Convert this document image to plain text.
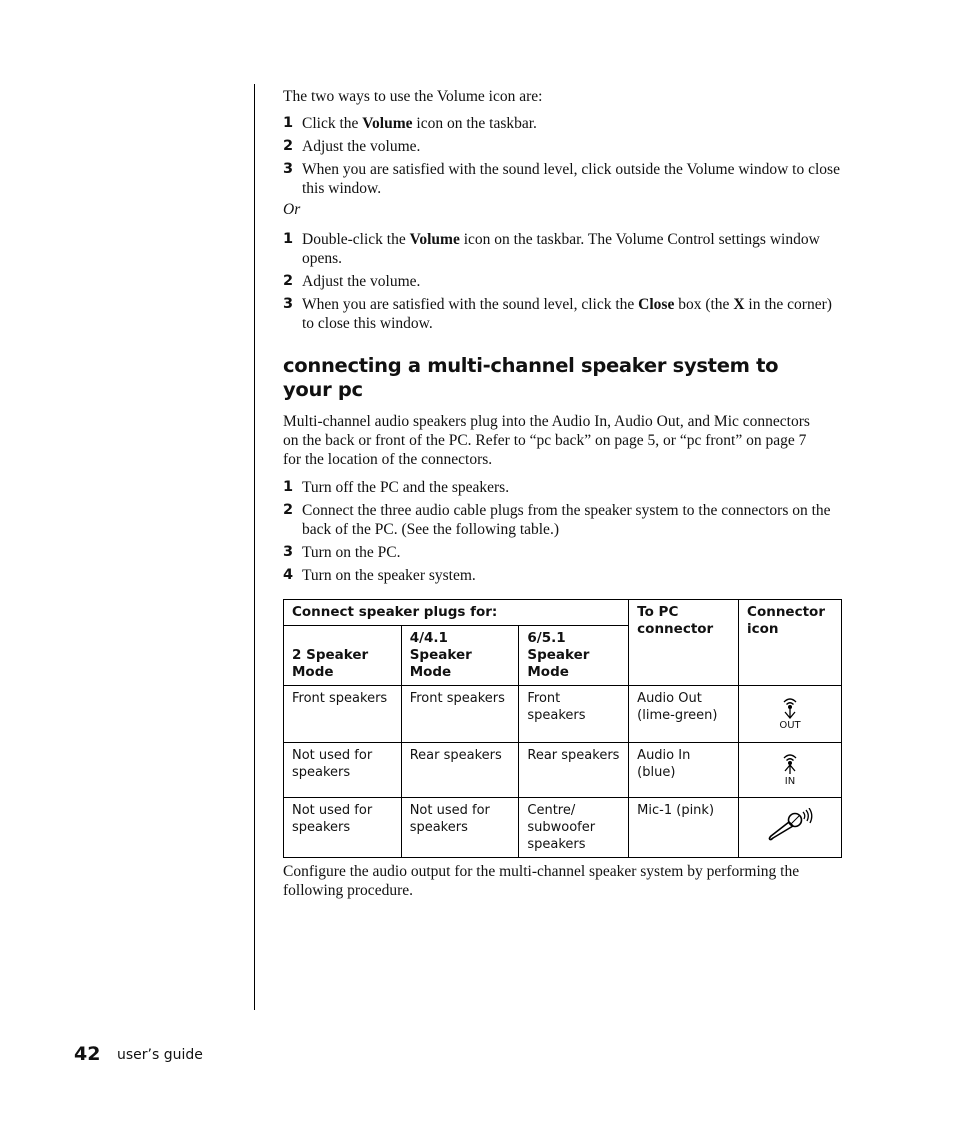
The two ways to use the Volume icon are:

1 Click the Volume icon on the taskbar.
2 Adjust the volume.
3 When you are satisfied with the sound level, click outside the Volume window to close this window.
Or
1 Double-click the Volume icon on the taskbar. The Volume Control settings window opens.
2 Adjust the volume.
3 When you are satisfied with the sound level, click the Close box (the X in the corner) to close this window.
connecting a multi-channel speaker system to your pc

Multi-channel audio speakers plug into the Audio In, Audio Out, and Mic connectors on the back or front of the PC. Refer to “pc back” on page 5, or “pc front” on page 7 for the location of the connectors.

1 Turn off the PC and the speakers.
2 Connect the three audio cable plugs from the speaker system to the connectors on the back of the PC. (See the following table.)
3 Turn on the PC.
4 Turn on the speaker system.
Connect speaker plugs for:			To PC connector	Connector icon
2 Speaker Mode	4/4.1 Speaker Mode	6/5.1 Speaker Mode		
Front speakers	Front speakers	Front speakers	Audio Out (lime-green)	OUT

Not used for speakers	Rear speakers	Rear speakers	Audio In (blue)	IN

Not used for speakers	Not used for speakers	Centre/ subwoofer speakers	Mic-1 (pink)	

Configure the audio output for the multi-channel speaker system by performing the following procedure.

42 user’s guide
